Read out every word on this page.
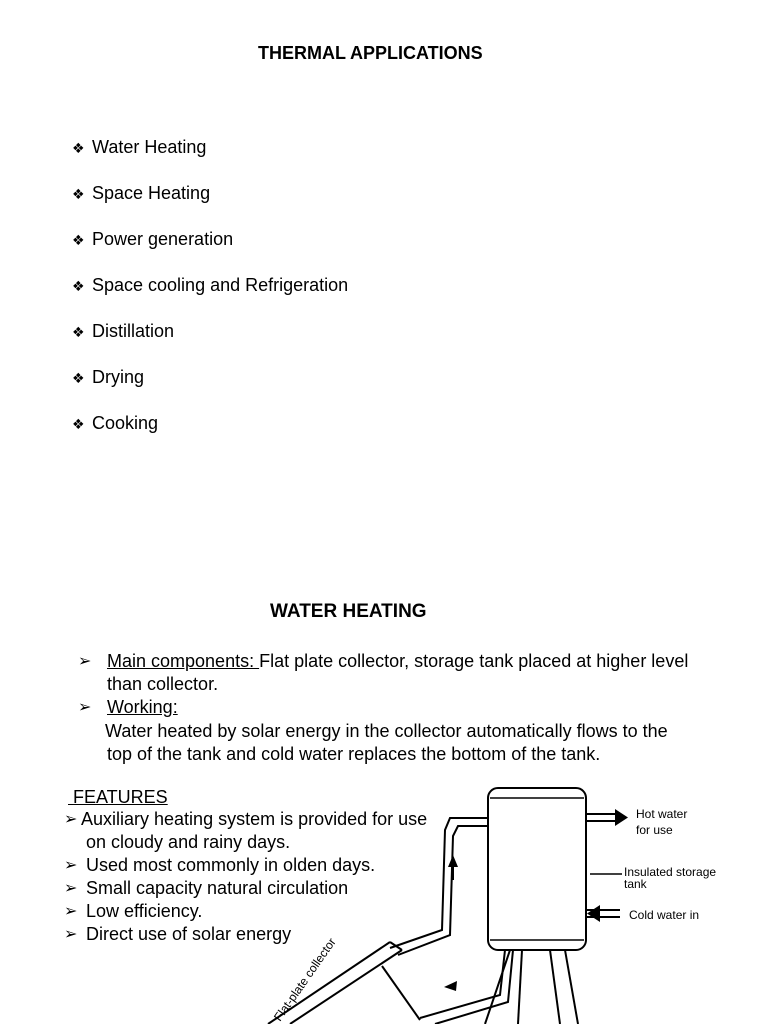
THERMAL APPLICATIONS
❖ Water Heating
❖ Space Heating
❖ Power generation
❖ Space cooling and Refrigeration
❖ Distillation
❖ Drying
❖ Cooking
WATER HEATING
➢ Main components: Flat plate collector, storage tank placed at higher level
than collector.
➢ Working:
Water heated by solar energy in the collector automatically flows to the
top of the tank and cold water replaces the bottom of the tank.
FEATURES
➢ Auxiliary heating system is provided for use
on cloudy and rainy days.
➢ Used most commonly in olden days.
➢ Small capacity natural circulation
➢ Low efficiency.
➢ Direct use of solar energy
Hot water
for use
Insulated storage
tank
Cold water in
Flat-plate collector
